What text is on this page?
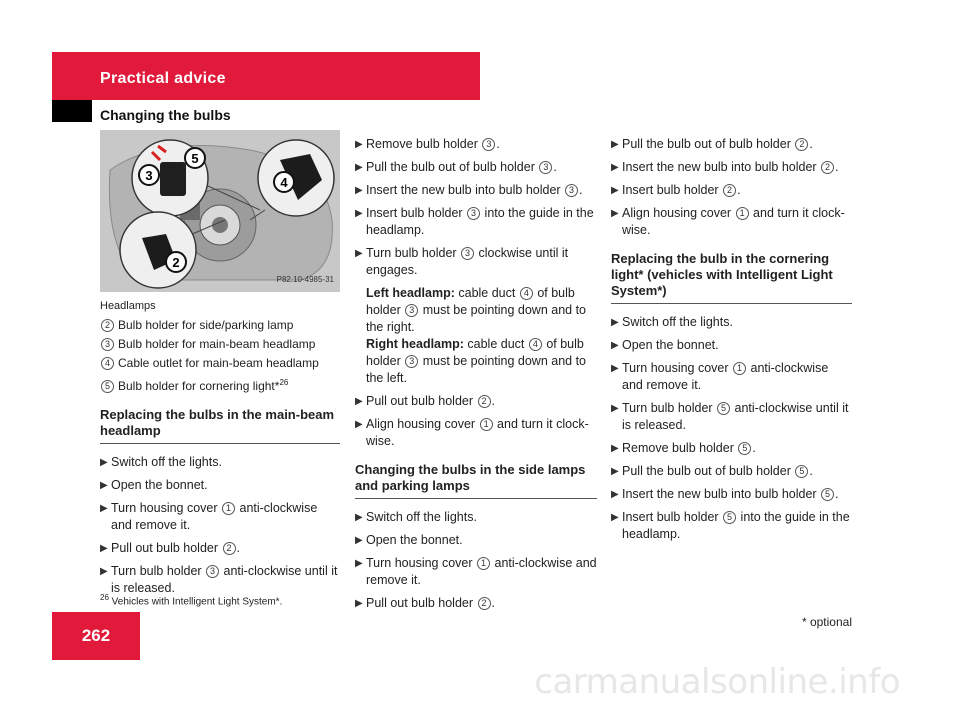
Practical advice
Changing the bulbs
5
3	4
2
P82.10-4985-31
Headlamps
2 Bulb holder for side/parking lamp
3 Bulb holder for main-beam headlamp
4 Cable outlet for main-beam headlamp
5 Bulb holder for cornering light*$^{26}$
Replacing the bulbs in the main-beam headlamp
▶ Switch off the lights.
▶ Open the bonnet.
▶ Turn housing cover 1 anti-clockwise and remove it.
▶ Pull out bulb holder 2 .
▶ Turn bulb holder 3 anti-clockwise until it is released.
▶ Remove bulb holder 3 .
▶ Pull the bulb out of bulb holder 3 .
▶ Insert the new bulb into bulb holder 3 .
▶ Insert bulb holder 3 into the guide in the headlamp.
▶ Turn bulb holder 3 clockwise until it engages.
Left headlamp: cable duct 4 of bulb holder 3 must be pointing down and to the right.
Right headlamp: cable duct 4 of bulb holder 3 must be pointing down and to the left.
▶ Pull out bulb holder 2 .
▶ Align housing cover 1 and turn it clock-wise.
Changing the bulbs in the side lamps and parking lamps
▶ Switch off the lights.
▶ Open the bonnet.
▶ Turn housing cover 1 anti-clockwise and remove it.
▶ Pull out bulb holder 2 .
▶ Pull the bulb out of bulb holder 2 .
▶ Insert the new bulb into bulb holder 2 .
▶ Insert bulb holder 2 .
▶ Align housing cover 1 and turn it clock-wise.
Replacing the bulb in the cornering light* (vehicles with Intelligent Light System*)
▶ Switch off the lights.
▶ Open the bonnet.
▶ Turn housing cover 1 anti-clockwise and remove it.
▶ Turn bulb holder 5 anti-clockwise until it is released.
▶ Remove bulb holder 5 .
▶ Pull the bulb out of bulb holder 5 .
▶ Insert the new bulb into bulb holder 5 .
▶ Insert bulb holder 5 into the guide in the headlamp.
$^{26}$ Vehicles with Intelligent Light System*.
262
* optional
carmanualsonline.info
